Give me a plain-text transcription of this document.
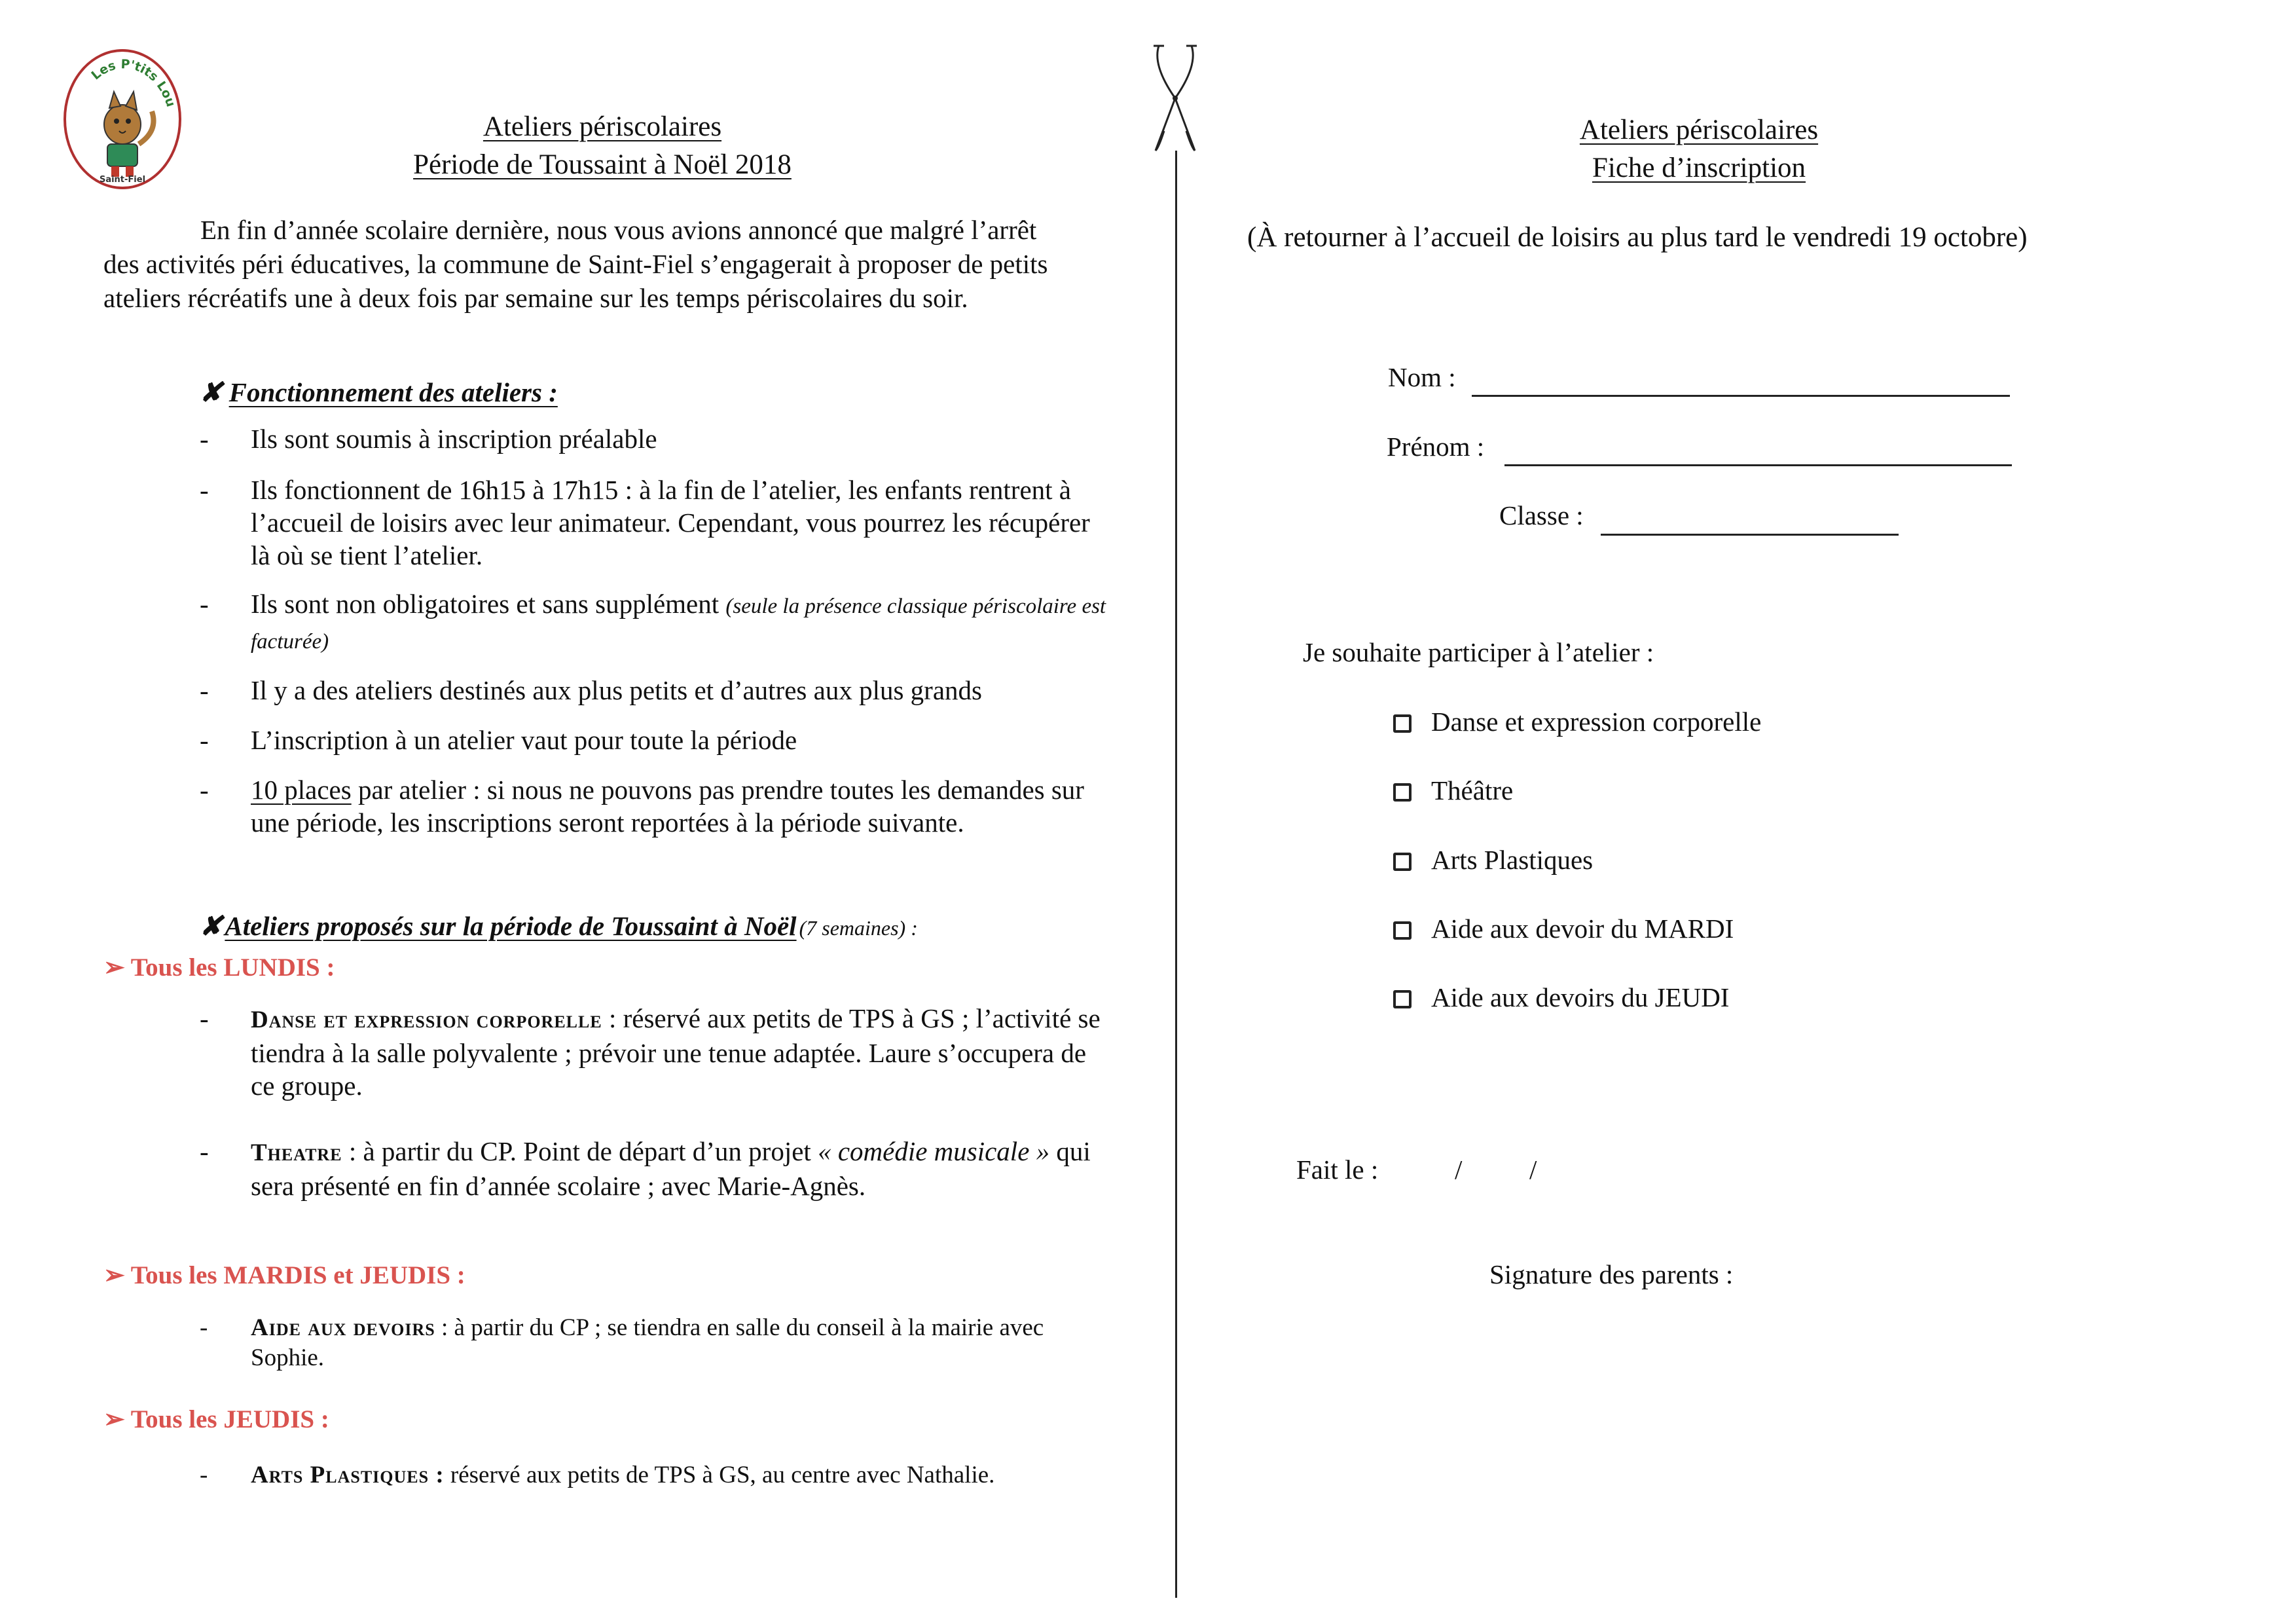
Les P'tits Lou
Saint-Fiel
Ateliers périscolaires
Période de Toussaint à Noël 2018
En fin d’année scolaire dernière, nous vous avions annoncé que malgré l’arrêt des activités péri éducatives, la commune de Saint-Fiel s’engagerait à proposer de petits ateliers récréatifs une à deux fois par semaine sur les temps périscolaires du soir.
✘ Fonctionnement des ateliers :
- Ils sont soumis à inscription préalable
- Ils fonctionnent de 16h15 à 17h15 : à la fin de l’atelier, les enfants rentrent à l’accueil de loisirs avec leur animateur. Cependant, vous pourrez les récupérer là où se tient l’atelier.
- Ils sont non obligatoires et sans supplément (seule la présence classique périscolaire est facturée)
- Il y a des ateliers destinés aux plus petits et d’autres aux plus grands
- L’inscription à un atelier vaut pour toute la période
- 10 places par atelier : si nous ne pouvons pas prendre toutes les demandes sur une période, les inscriptions seront reportées à la période suivante.
✘ Ateliers proposés sur la période de Toussaint à Noël (7 semaines) :
➢ Tous les LUNDIS :
- Danse et expression corporelle : réservé aux petits de TPS à GS ; l’activité se tiendra à la salle polyvalente ; prévoir une tenue adaptée. Laure s’occupera de ce groupe.
- Theatre : à partir du CP. Point de départ d’un projet « comédie musicale » qui sera présenté en fin d’année scolaire ; avec Marie-Agnès.
➢ Tous les MARDIS et JEUDIS :
- Aide aux devoirs : à partir du CP ; se tiendra en salle du conseil à la mairie avec Sophie.
➢ Tous les JEUDIS :
- Arts Plastiques : réservé aux petits de TPS à GS, au centre avec Nathalie.
Ateliers périscolaires
Fiche d’inscription
(À retourner à l’accueil de loisirs au plus tard le vendredi 19 octobre)
Nom :
Prénom :
Classe :
Je souhaite participer à l’atelier :
Danse et expression corporelle
Théâtre
Arts Plastiques
Aide aux devoir du MARDI
Aide aux devoirs du JEUDI
Fait le :	/	/
Signature des parents :
